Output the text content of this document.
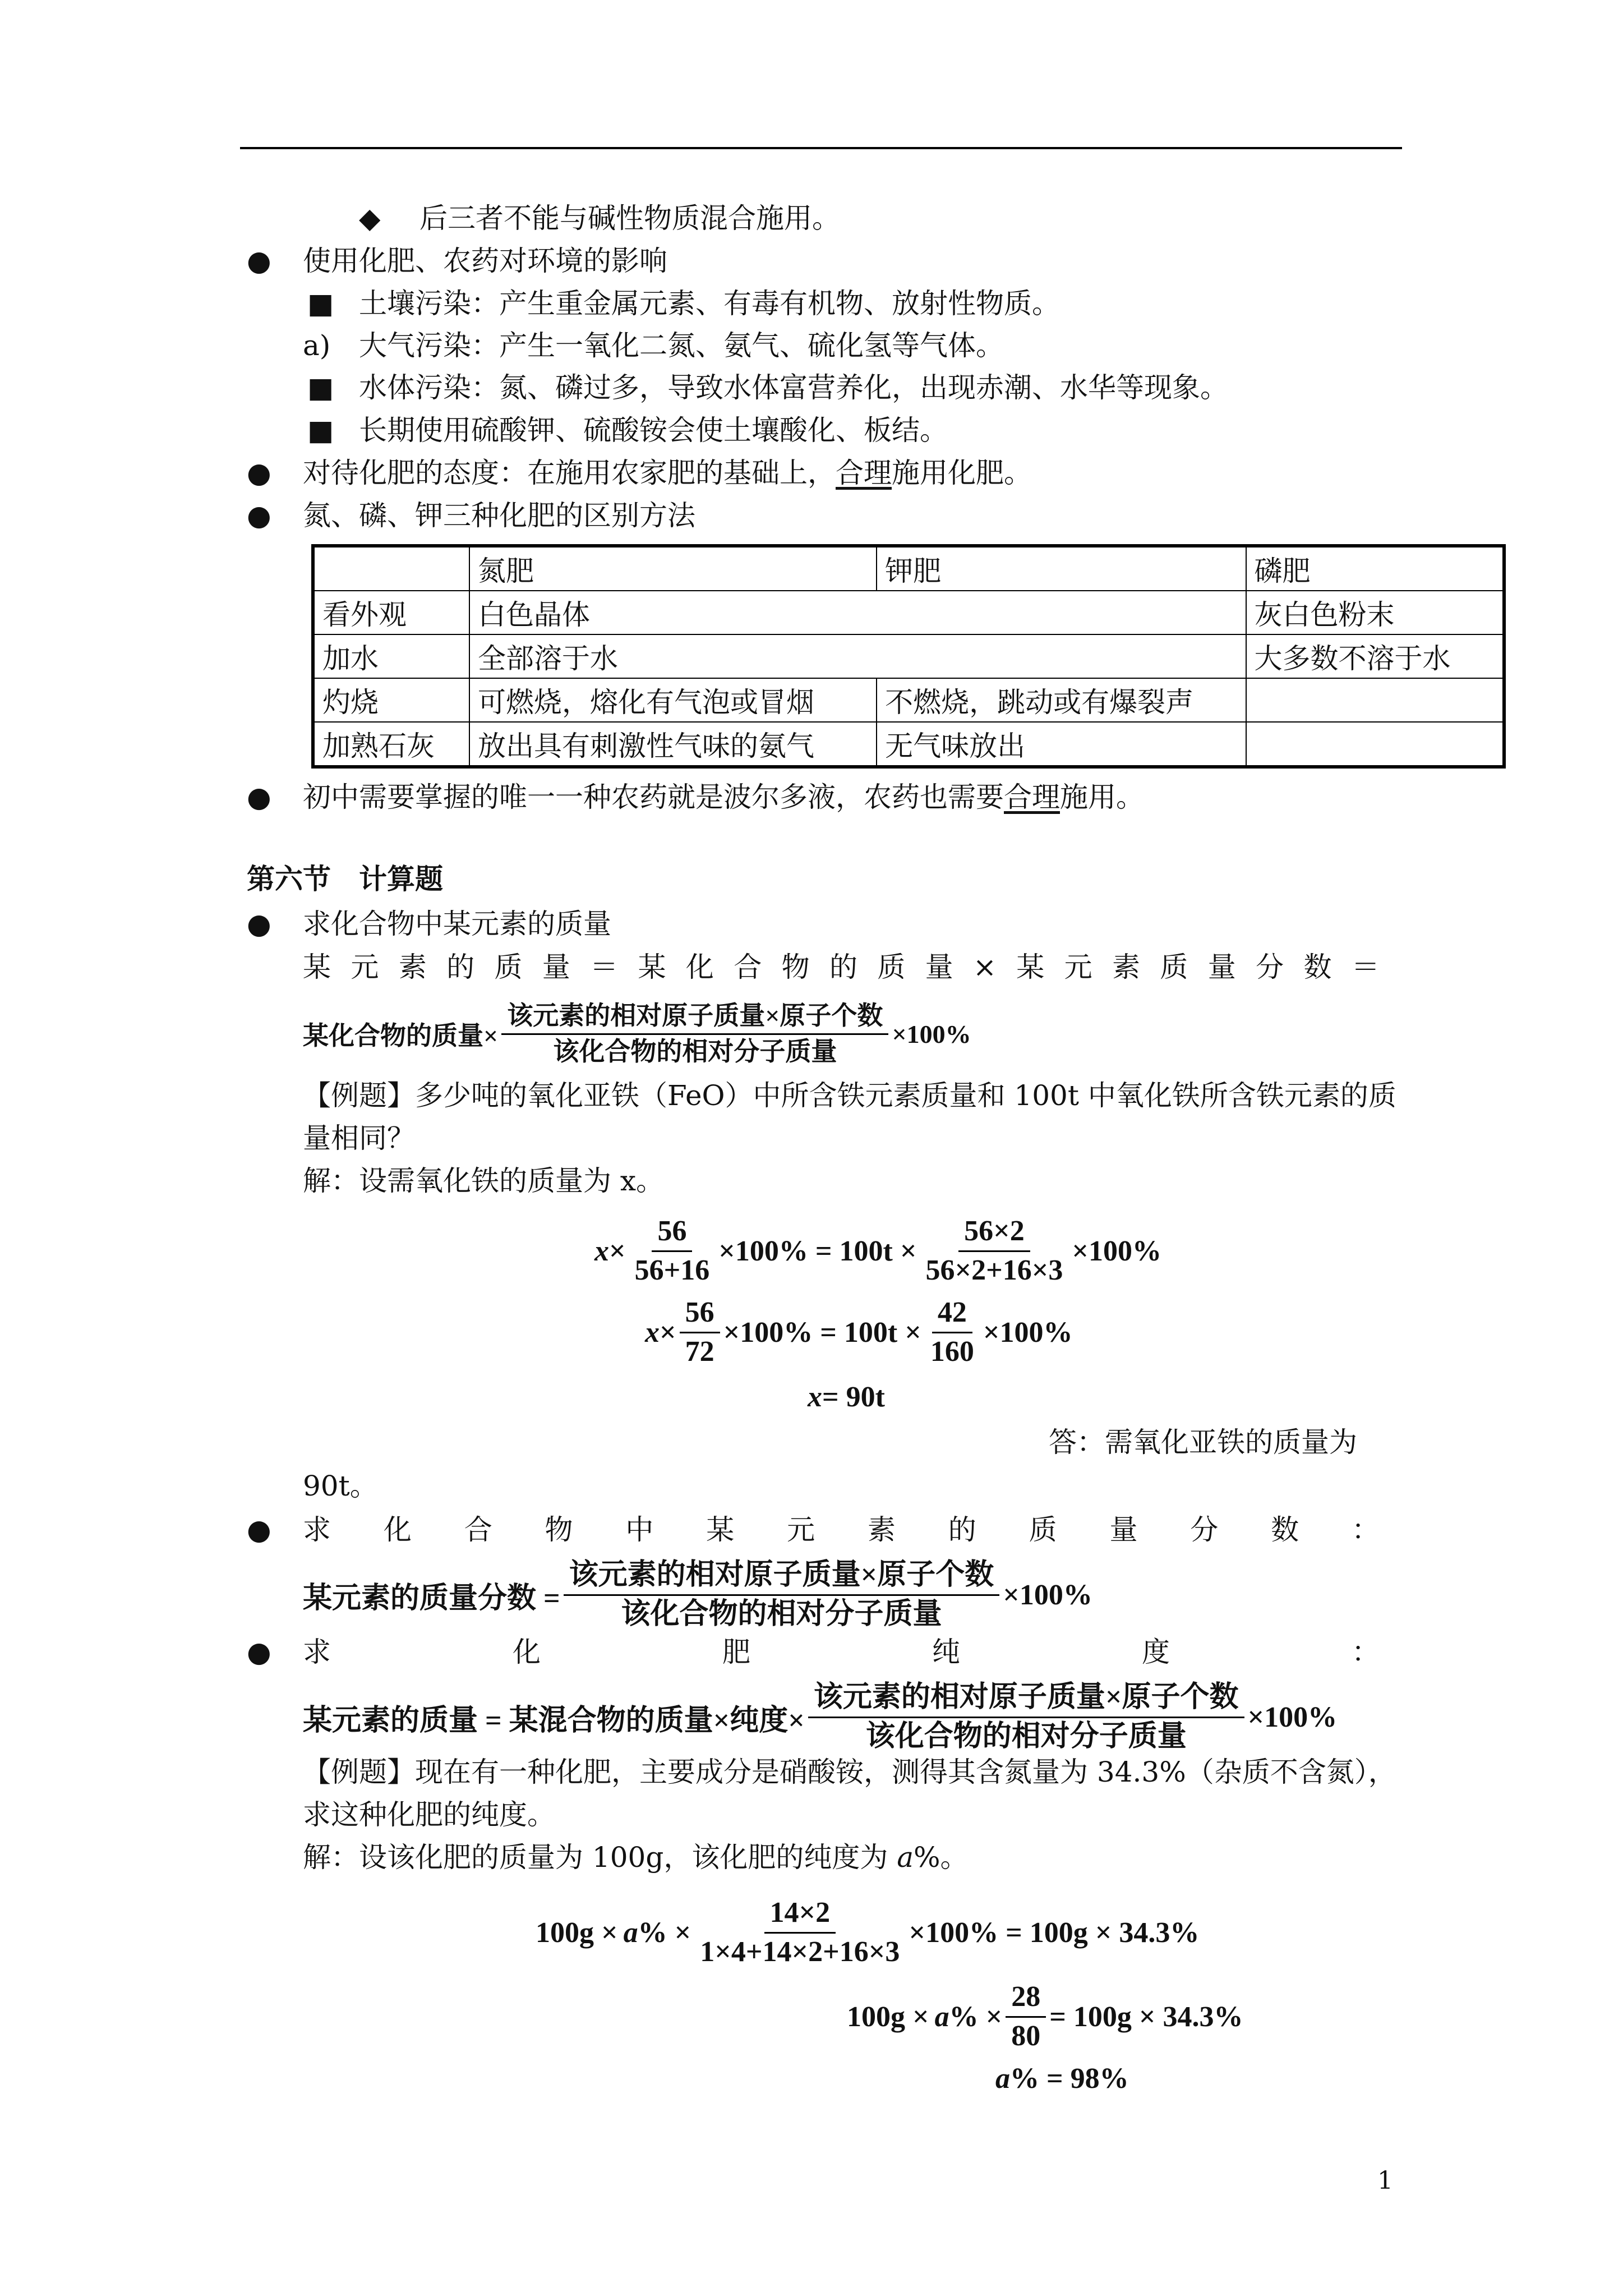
◆ 后三者不能与碱性物质混合施用。
● 使用化肥、农药对环境的影响
■ 土壤污染：产生重金属元素、有毒有机物、放射性物质。
a) 大气污染：产生一氧化二氮、氨气、硫化氢等气体。
■ 水体污染：氮、磷过多，导致水体富营养化，出现赤潮、水华等现象。
■ 长期使用硫酸钾、硫酸铵会使土壤酸化、板结。
● 对待化肥的态度：在施用农家肥的基础上，合理施用化肥。
● 氮、磷、钾三种化肥的区别方法
	氮肥	钾肥	磷肥
看外观	白色晶体		灰白色粉末
加水	全部溶于水		大多数不溶于水
灼烧	可燃烧，熔化有气泡或冒烟	不燃烧，跳动或有爆裂声	
加熟石灰	放出具有刺激性气味的氨气	无气味放出	
● 初中需要掌握的唯一一种农药就是波尔多液，农药也需要合理施用。
第六节　计算题
● 求化合物中某元素的质量
某 元 素 的 质 量 ＝ 某 化 合 物 的 质 量 × 某 元 素 质 量 分 数 ＝
某化合物的质量× $\frac{\text{该元素的相对原子质量×原子个数}}{\text{该化合物的相对分子质量}} \times 100\%$
【例题】多少吨的氧化亚铁（FeO）中所含铁元素质量和 100t 中氧化铁所含铁元素的质
量相同？
解：设需氧化铁的质量为 x。
$x \times \frac{56}{56+16} \times 100\% = 100t \times \frac{56\times 2}{56\times 2+16\times 3} \times 100\%$
$x \times \frac{56}{72} \times 100\% = 100t \times \frac{42}{160} \times 100\%$
x = 90t
答：需氧化亚铁的质量为
90t。
● 求 化 合 物 中 某 元 素 的 质 量 分 数 ：
某元素的质量分数 = $\frac{\text{该元素的相对原子质量×原子个数}}{\text{该化合物的相对分子质量}} \times 100\%$
● 求	化	肥	纯	度	：
某元素的质量 = 某混合物的质量×纯度× $\frac{\text{该元素的相对原子质量×原子个数}}{\text{该化合物的相对分子质量}} \times 100\%$
【例题】现在有一种化肥，主要成分是硝酸铵，测得其含氮量为 34.3%（杂质不含氮），
求这种化肥的纯度。
解：设该化肥的质量为 100g，该化肥的纯度为 a%。
100g × a % × $\frac{14\times 2}{1\times 4+14\times 2+16\times 3} \times 100\% = 100g \times 34.3\%$
100g × a % × $\frac{28}{80} = 100g \times 34.3\%$
a % = 98%
1
